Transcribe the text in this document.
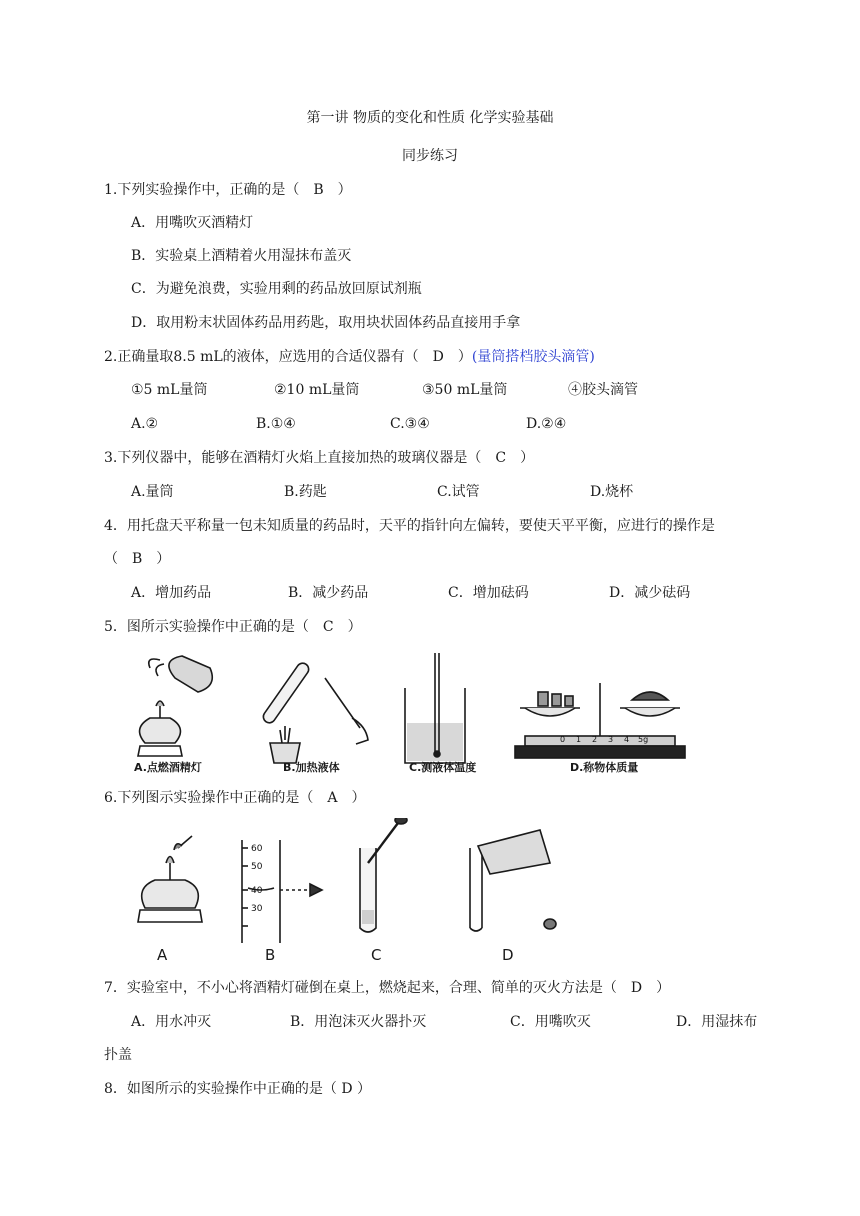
第一讲 物质的变化和性质 化学实验基础
同步练习
1.下列实验操作中，正确的是（　B　）
A．用嘴吹灭酒精灯
B．实验桌上酒精着火用湿抹布盖灭
C．为避免浪费，实验用剩的药品放回原试剂瓶
D．取用粉末状固体药品用药匙，取用块状固体药品直接用手拿
2.正确量取8.5 mL的液体，应选用的合适仪器有（　D　）(量筒搭档胶头滴管)
①5 mL量筒	②10 mL量筒	③50 mL量筒	④胶头滴管
A.②	B.①④	C.③④	D.②④
3.下列仪器中，能够在酒精灯火焰上直接加热的玻璃仪器是（　C　）
A.量筒	B.药匙	C.试管	D.烧杯
4．用托盘天平称量一包未知质量的药品时，天平的指针向左偏转，要使天平平衡，应进行的操作是
（　B　）
A．增加药品	B．减少药品	C．增加砝码	D．减少砝码
5．图所示实验操作中正确的是（　C　）
0 1 2 3 4 5g
A.点燃酒精灯	B.加热液体	C.测液体温度	D.称物体质量
6.下列图示实验操作中正确的是（　A　）
60
50
40
30
A	B	C	D
7．实验室中，不小心将酒精灯碰倒在桌上，燃烧起来，合理、简单的灭火方法是（　D　）
A．用水冲灭	B．用泡沫灭火器扑灭	C．用嘴吹灭	D．用湿抹布
扑盖
8．如图所示的实验操作中正确的是（ D ）
